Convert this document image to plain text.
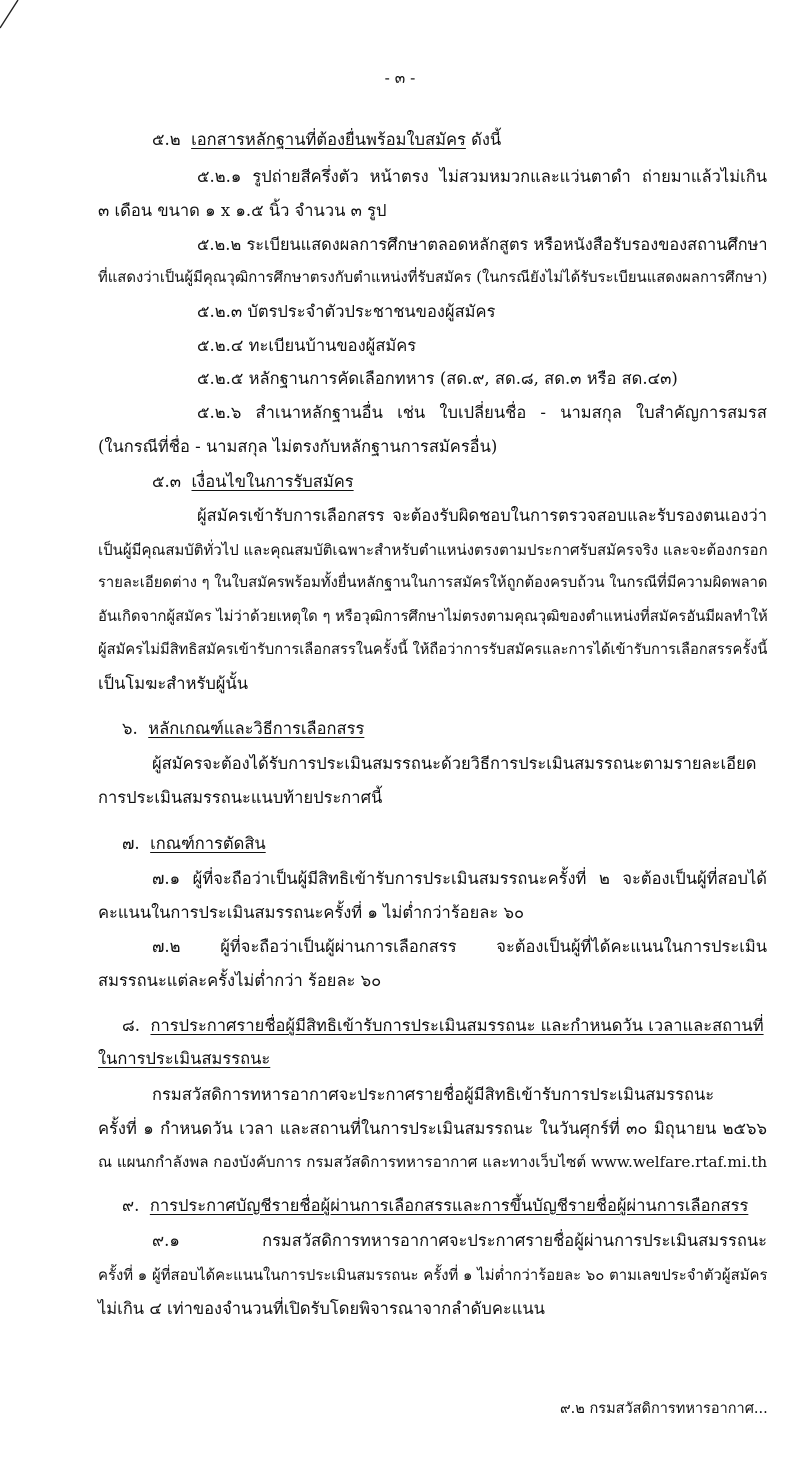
- ๓ -
๕.๒ เอกสารหลักฐานที่ต้องยื่นพร้อมใบสมัคร ดังนี้
๕.๒.๑ รูปถ่ายสีครึ่งตัว หน้าตรง ไม่สวมหมวกและแว่นตาดำ ถ่ายมาแล้วไม่เกิน
๓ เดือน ขนาด ๑ x ๑.๕ นิ้ว จำนวน ๓ รูป
๕.๒.๒ ระเบียนแสดงผลการศึกษาตลอดหลักสูตร หรือหนังสือรับรองของสถานศึกษา
ที่แสดงว่าเป็นผู้มีคุณวุฒิการศึกษาตรงกับตำแหน่งที่รับสมัคร (ในกรณียังไม่ได้รับระเบียนแสดงผลการศึกษา)
๕.๒.๓ บัตรประจำตัวประชาชนของผู้สมัคร
๕.๒.๔ ทะเบียนบ้านของผู้สมัคร
๕.๒.๕ หลักฐานการคัดเลือกทหาร (สด.๙, สด.๘, สด.๓ หรือ สด.๔๓)
๕.๒.๖ สำเนาหลักฐานอื่น เช่น ใบเปลี่ยนชื่อ - นามสกุล ใบสำคัญการสมรส
(ในกรณีที่ชื่อ - นามสกุล ไม่ตรงกับหลักฐานการสมัครอื่น)
๕.๓ เงื่อนไขในการรับสมัคร
ผู้สมัครเข้ารับการเลือกสรร จะต้องรับผิดชอบในการตรวจสอบและรับรองตนเองว่า
เป็นผู้มีคุณสมบัติทั่วไป และคุณสมบัติเฉพาะสำหรับตำแหน่งตรงตามประกาศรับสมัครจริง และจะต้องกรอก
รายละเอียดต่าง ๆ ในใบสมัครพร้อมทั้งยื่นหลักฐานในการสมัครให้ถูกต้องครบถ้วน ในกรณีที่มีความผิดพลาด
อันเกิดจากผู้สมัคร ไม่ว่าด้วยเหตุใด ๆ หรือวุฒิการศึกษาไม่ตรงตามคุณวุฒิของตำแหน่งที่สมัครอันมีผลทำให้
ผู้สมัครไม่มีสิทธิสมัครเข้ารับการเลือกสรรในครั้งนี้ ให้ถือว่าการรับสมัครและการได้เข้ารับการเลือกสรรครั้งนี้
เป็นโมฆะสำหรับผู้นั้น
๖. หลักเกณฑ์และวิธีการเลือกสรร
ผู้สมัครจะต้องได้รับการประเมินสมรรถนะด้วยวิธีการประเมินสมรรถนะตามรายละเอียด
การประเมินสมรรถนะแนบท้ายประกาศนี้
๗. เกณฑ์การตัดสิน
๗.๑ ผู้ที่จะถือว่าเป็นผู้มีสิทธิเข้ารับการประเมินสมรรถนะครั้งที่ ๒ จะต้องเป็นผู้ที่สอบได้
คะแนนในการประเมินสมรรถนะครั้งที่ ๑ ไม่ต่ำกว่าร้อยละ ๖๐
๗.๒ ผู้ที่จะถือว่าเป็นผู้ผ่านการเลือกสรร จะต้องเป็นผู้ที่ได้คะแนนในการประเมิน
สมรรถนะแต่ละครั้งไม่ต่ำกว่า ร้อยละ ๖๐
๘. การประกาศรายชื่อผู้มีสิทธิเข้ารับการประเมินสมรรถนะ และกำหนดวัน เวลาและสถานที่
ในการประเมินสมรรถนะ
กรมสวัสดิการทหารอากาศจะประกาศรายชื่อผู้มีสิทธิเข้ารับการประเมินสมรรถนะ
ครั้งที่ ๑ กำหนดวัน เวลา และสถานที่ในการประเมินสมรรถนะ ในวันศุกร์ที่ ๓๐ มิถุนายน ๒๕๖๖
ณ แผนกกำลังพล กองบังคับการ กรมสวัสดิการทหารอากาศ และทางเว็บไซต์ www.welfare.rtaf.mi.th
๙. การประกาศบัญชีรายชื่อผู้ผ่านการเลือกสรรและการขึ้นบัญชีรายชื่อผู้ผ่านการเลือกสรร
๙.๑ กรมสวัสดิการทหารอากาศจะประกาศรายชื่อผู้ผ่านการประเมินสมรรถนะ
ครั้งที่ ๑ ผู้ที่สอบได้คะแนนในการประเมินสมรรถนะ ครั้งที่ ๑ ไม่ต่ำกว่าร้อยละ ๖๐ ตามเลขประจำตัวผู้สมัคร
ไม่เกิน ๔ เท่าของจำนวนที่เปิดรับโดยพิจารณาจากลำดับคะแนน
๙.๒ กรมสวัสดิการทหารอากาศ...
